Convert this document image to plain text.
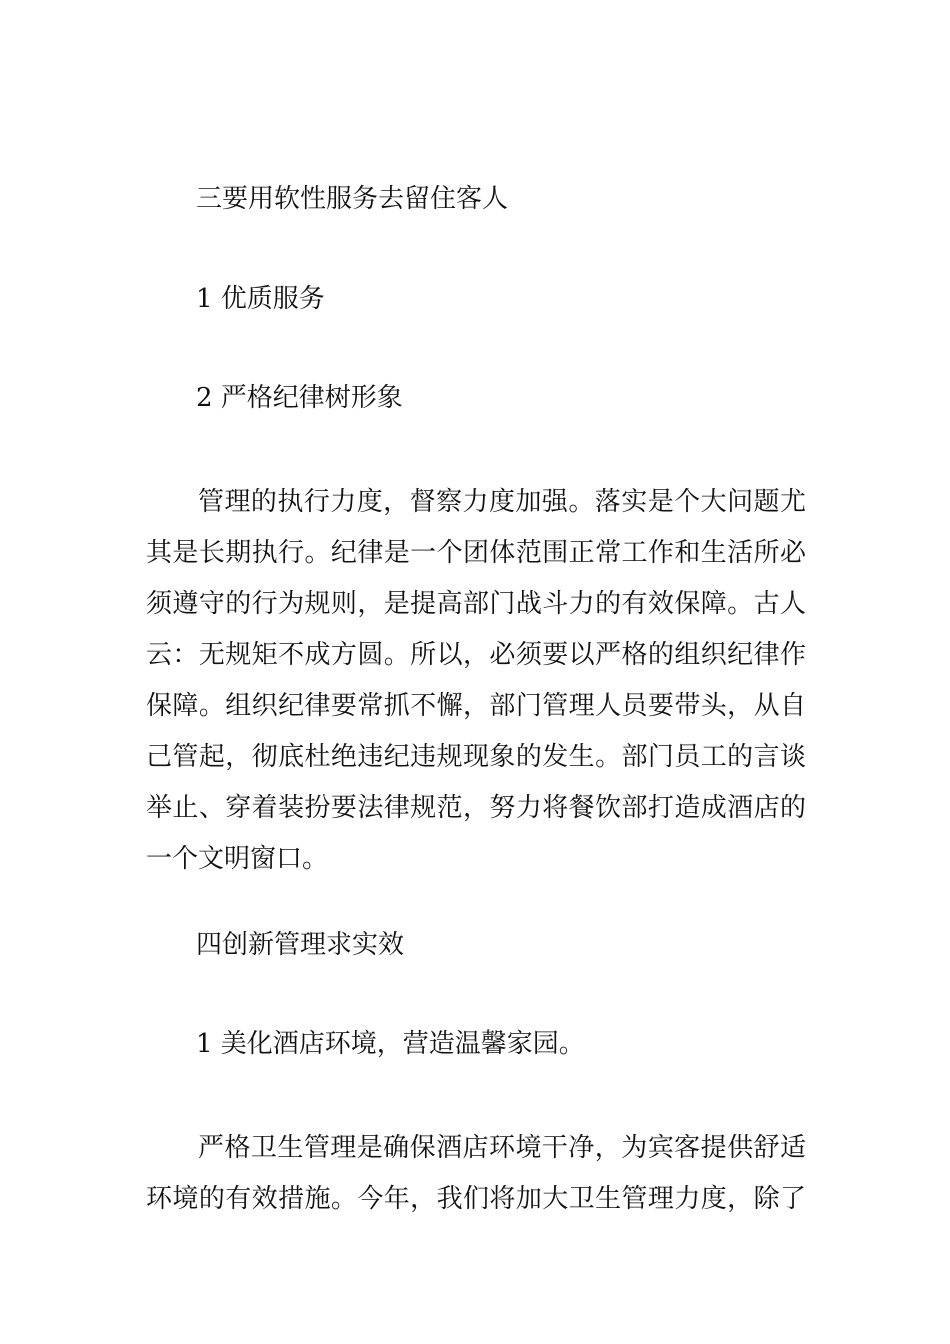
三要用软性服务去留住客人
1 优质服务
2 严格纪律树形象
管理的执行力度，督察力度加强。落实是个大问题尤
其是长期执行。纪律是一个团体范围正常工作和生活所必
须遵守的行为规则，是提高部门战斗力的有效保障。古人
云：无规矩不成方圆。所以，必须要以严格的组织纪律作
保障。组织纪律要常抓不懈，部门管理人员要带头，从自
己管起，彻底杜绝违纪违规现象的发生。部门员工的言谈
举止、穿着装扮要法律规范，努力将餐饮部打造成酒店的
一个文明窗口。
四创新管理求实效
1 美化酒店环境，营造温馨家园。
严格卫生管理是确保酒店环境干净，为宾客提供舒适
环境的有效措施。今年，我们将加大卫生管理力度，除了
